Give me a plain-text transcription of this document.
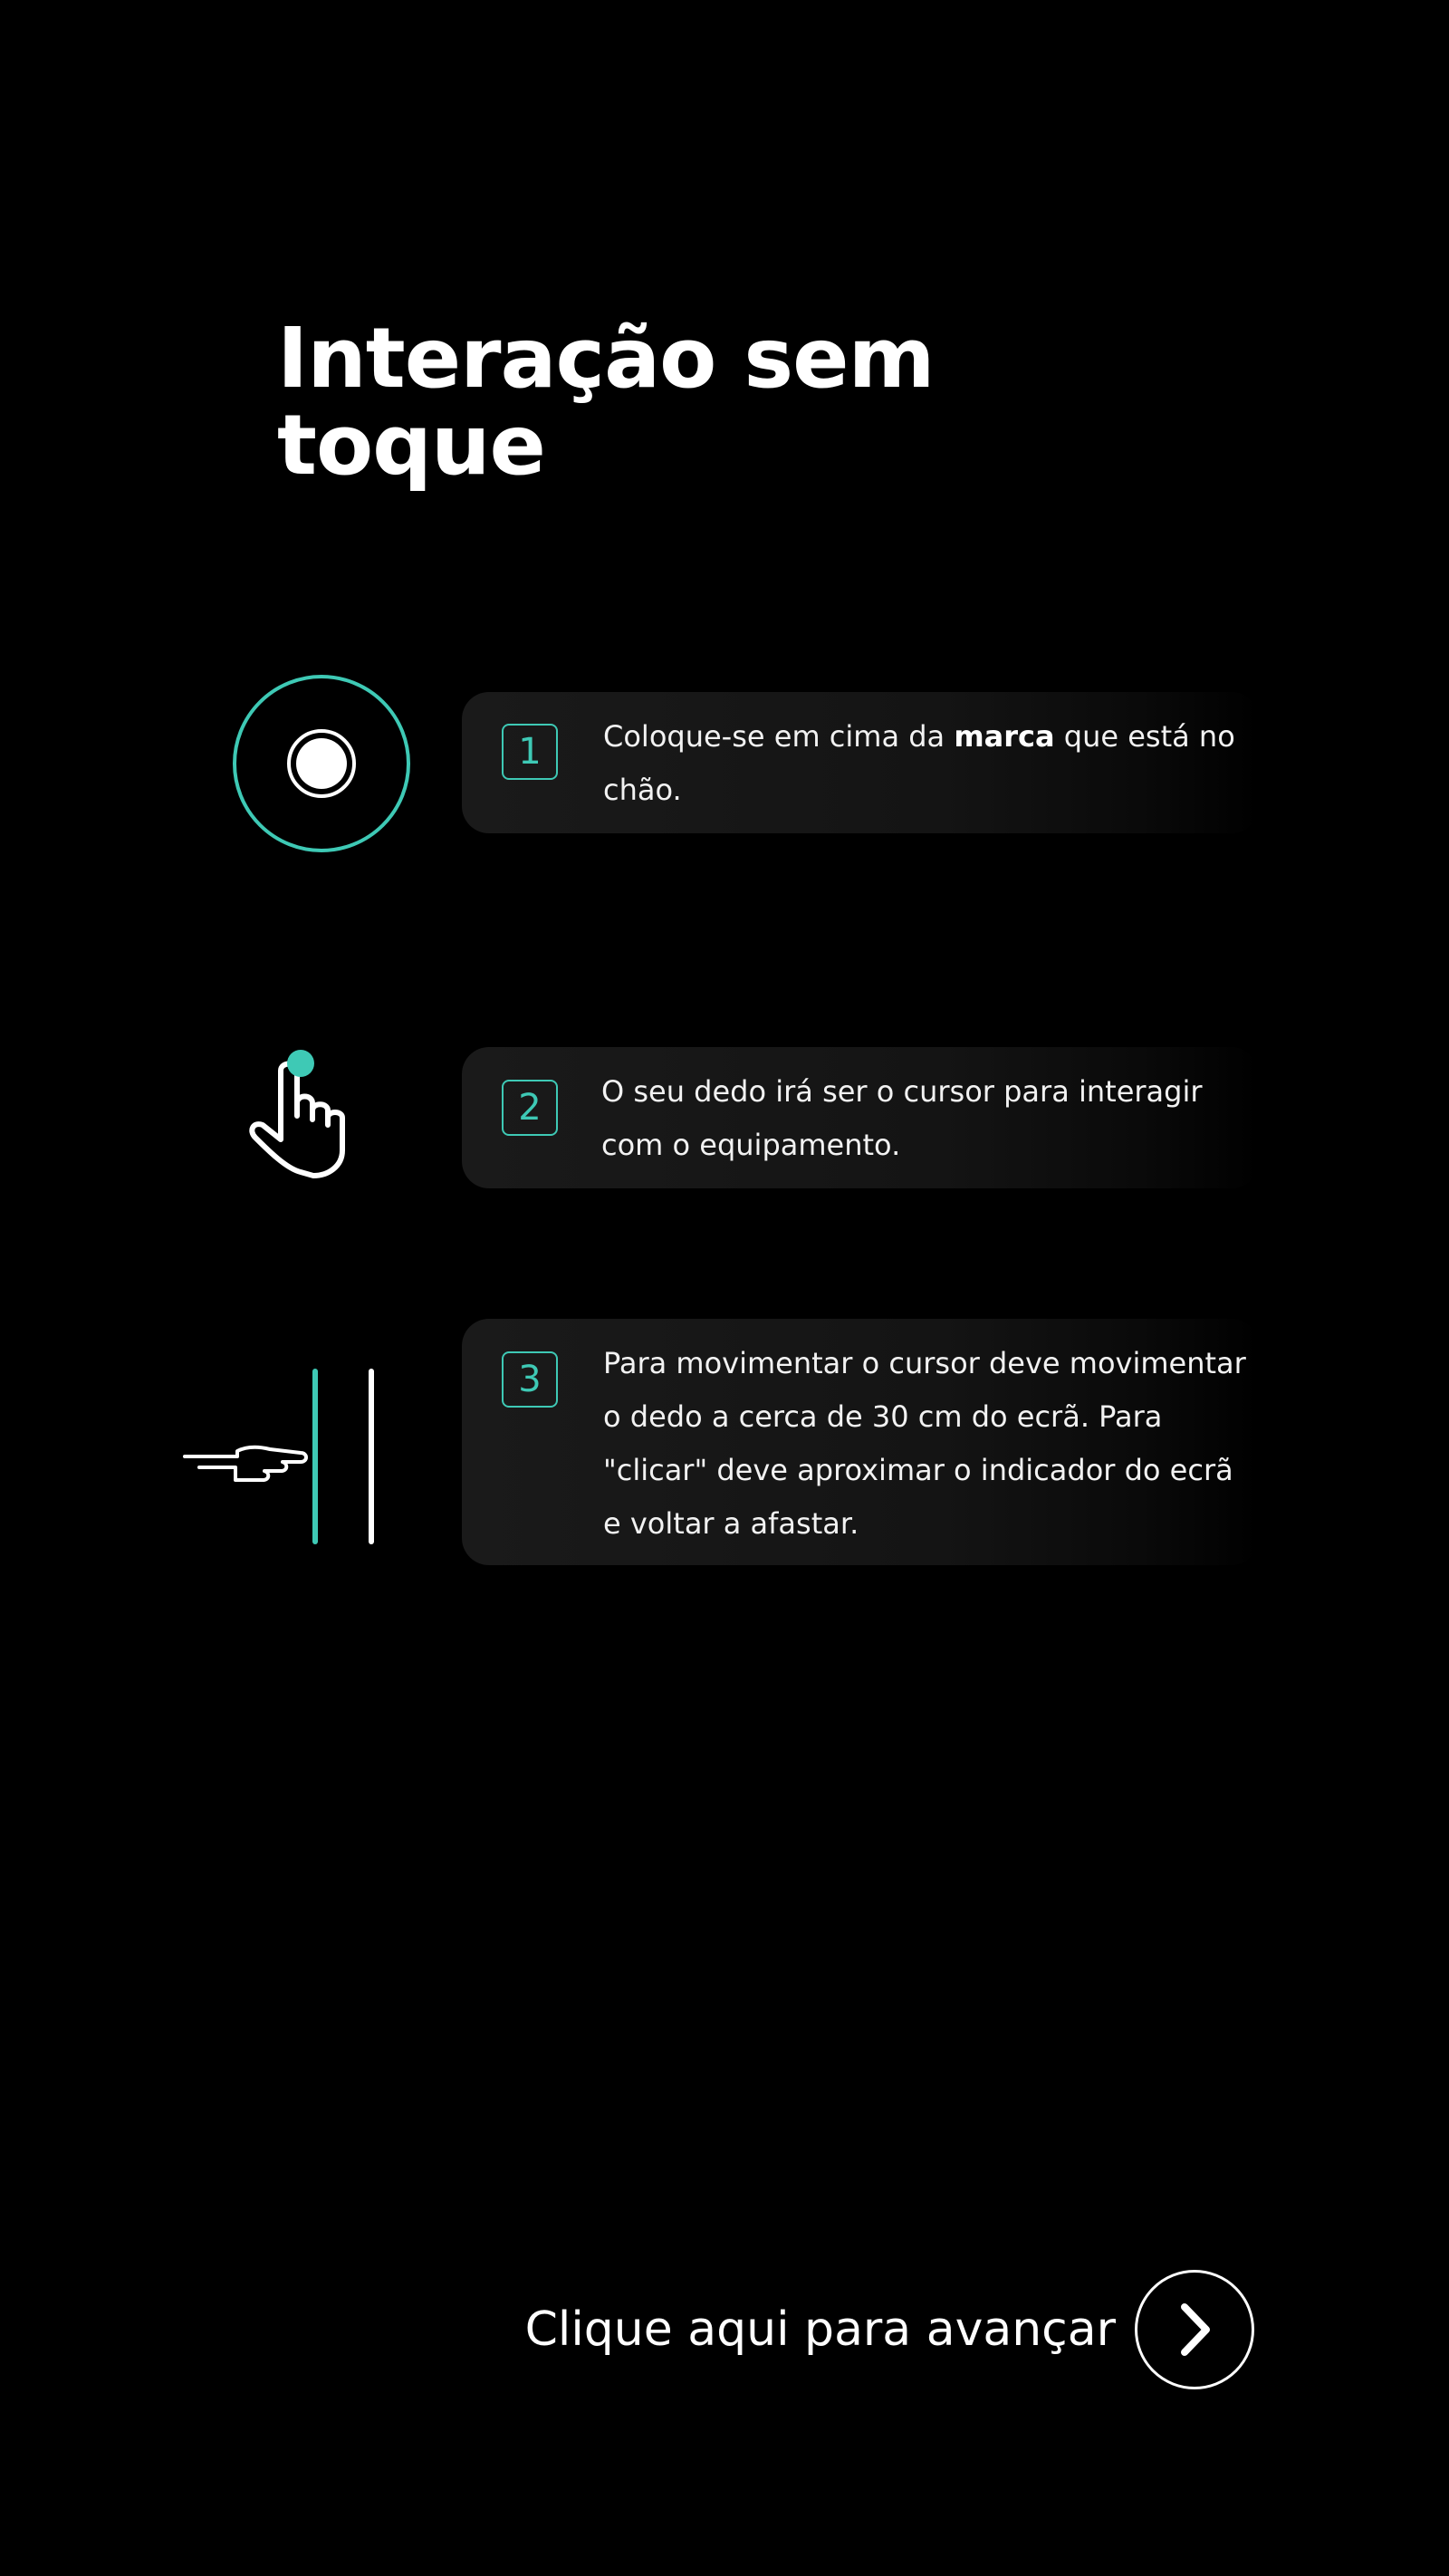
Interação sem toque
1	Coloque-se em cima da marca que está no chão.
2	O seu dedo irá ser o cursor para interagir com o equipamento.
3	Para movimentar o cursor deve movimentar o dedo a cerca de 30 cm do ecrã. Para "clicar" deve aproximar o indicador do ecrã e voltar a afastar.
Clique aqui para avançar
